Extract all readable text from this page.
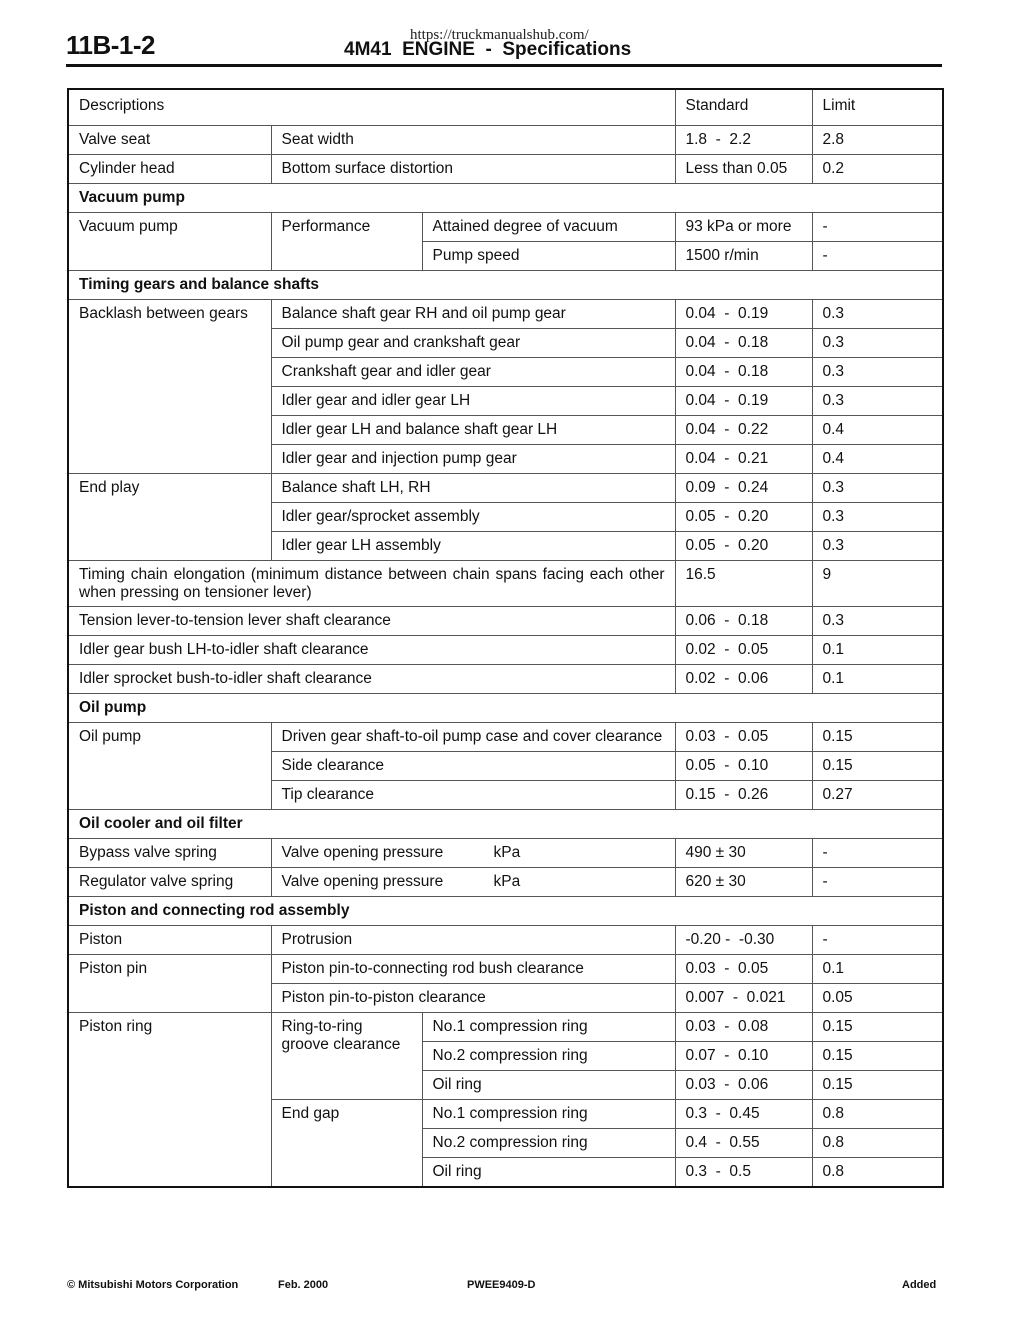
11B-1-2	https://truckmanualshub.com/
4M41  ENGINE  -  Specifications
Descriptions			Standard	Limit
Valve seat	Seat width		1.8  -  2.2	2.8
Cylinder head	Bottom surface distortion		Less than 0.05	0.2
Vacuum pump				
Vacuum pump	Performance	Attained degree of vacuum	93 kPa or more	-
		Pump speed	1500 r/min	-
Timing gears and balance shafts				
Backlash between gears	Balance shaft gear RH and oil pump gear		0.04  -  0.19	0.3
	Oil pump gear and crankshaft gear		0.04  -  0.18	0.3
	Crankshaft gear and idler gear		0.04  -  0.18	0.3
	Idler gear and idler gear LH		0.04  -  0.19	0.3
	Idler gear LH and balance shaft gear LH		0.04  -  0.22	0.4
	Idler gear and injection pump gear		0.04  -  0.21	0.4
End play	Balance shaft LH, RH		0.09  -  0.24	0.3
	Idler gear/sprocket assembly		0.05  -  0.20	0.3
	Idler gear LH assembly		0.05  -  0.20	0.3
Timing chain elongation (minimum distance between chain spans facing each other when pressing on tensioner lever)			16.5	9
Tension lever-to-tension lever shaft clearance			0.06  -  0.18	0.3
Idler gear bush LH-to-idler shaft clearance			0.02  -  0.05	0.1
Idler sprocket bush-to-idler shaft clearance			0.02  -  0.06	0.1
Oil pump				
Oil pump	Driven gear shaft-to-oil pump case and cover clearance		0.03  -  0.05	0.15
	Side clearance		0.05  -  0.10	0.15
	Tip clearance		0.15  -  0.26	0.27
Oil cooler and oil filter				
Bypass valve spring	Valve opening pressure kPa		490 ± 30	-
Regulator valve spring	Valve opening pressure kPa		620 ± 30	-
Piston and connecting rod assembly				
Piston	Protrusion		-0.20 -  -0.30	-
Piston pin	Piston pin-to-connecting rod bush clearance		0.03  -  0.05	0.1
	Piston pin-to-piston clearance		0.007  -  0.021	0.05
Piston ring	Ring-to-ring groove clearance	No.1 compression ring	0.03  -  0.08	0.15
		No.2 compression ring	0.07  -  0.10	0.15
		Oil ring	0.03  -  0.06	0.15
	End gap	No.1 compression ring	0.3  -  0.45	0.8
		No.2 compression ring	0.4  -  0.55	0.8
		Oil ring	0.3  -  0.5	0.8
© Mitsubishi Motors Corporation	Feb. 2000	PWEE9409-D	Added
